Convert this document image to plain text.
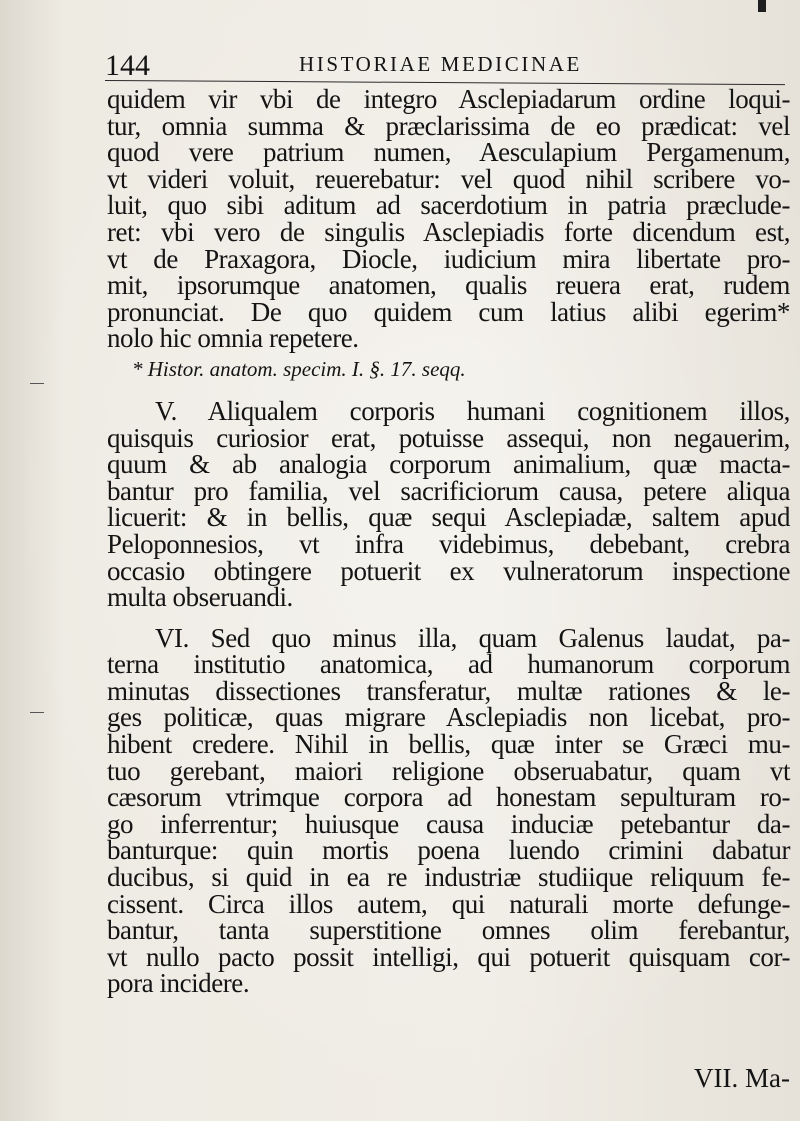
144	HISTORIAE MEDICINAE
quidem vir vbi de integro Asclepiadarum ordine loqui-
tur, omnia summa & præclarissima de eo prædicat: vel
quod vere patrium numen, Aesculapium Pergamenum,
vt videri voluit, reuerebatur: vel quod nihil scribere vo-
luit, quo sibi aditum ad sacerdotium in patria præclude-
ret: vbi vero de singulis Asclepiadis forte dicendum est,
vt de Praxagora, Diocle, iudicium mira libertate pro-
mit, ipsorumque anatomen, qualis reuera erat, rudem
pronunciat. De quo quidem cum latius alibi egerim*
nolo hic omnia repetere.
* Histor. anatom. specim. I. §. 17. seqq.
V. Aliqualem corporis humani cognitionem illos,
quisquis curiosior erat, potuisse assequi, non negauerim,
quum & ab analogia corporum animalium, quæ macta-
bantur pro familia, vel sacrificiorum causa, petere aliqua
licuerit: & in bellis, quæ sequi Asclepiadæ, saltem apud
Peloponnesios, vt infra videbimus, debebant, crebra
occasio obtingere potuerit ex vulneratorum inspectione
multa obseruandi.
VI. Sed quo minus illa, quam Galenus laudat, pa-
terna institutio anatomica, ad humanorum corporum
minutas dissectiones transferatur, multæ rationes & le-
ges politicæ, quas migrare Asclepiadis non licebat, pro-
hibent credere. Nihil in bellis, quæ inter se Græci mu-
tuo gerebant, maiori religione obseruabatur, quam vt
cæsorum vtrimque corpora ad honestam sepulturam ro-
go inferrentur; huiusque causa induciæ petebantur da-
banturque: quin mortis poena luendo crimini dabatur
ducibus, si quid in ea re industriæ studiique reliquum fe-
cissent. Circa illos autem, qui naturali morte defunge-
bantur, tanta superstitione omnes olim ferebantur,
vt nullo pacto possit intelligi, qui potuerit quisquam cor-
pora incidere.
VII. Ma-
